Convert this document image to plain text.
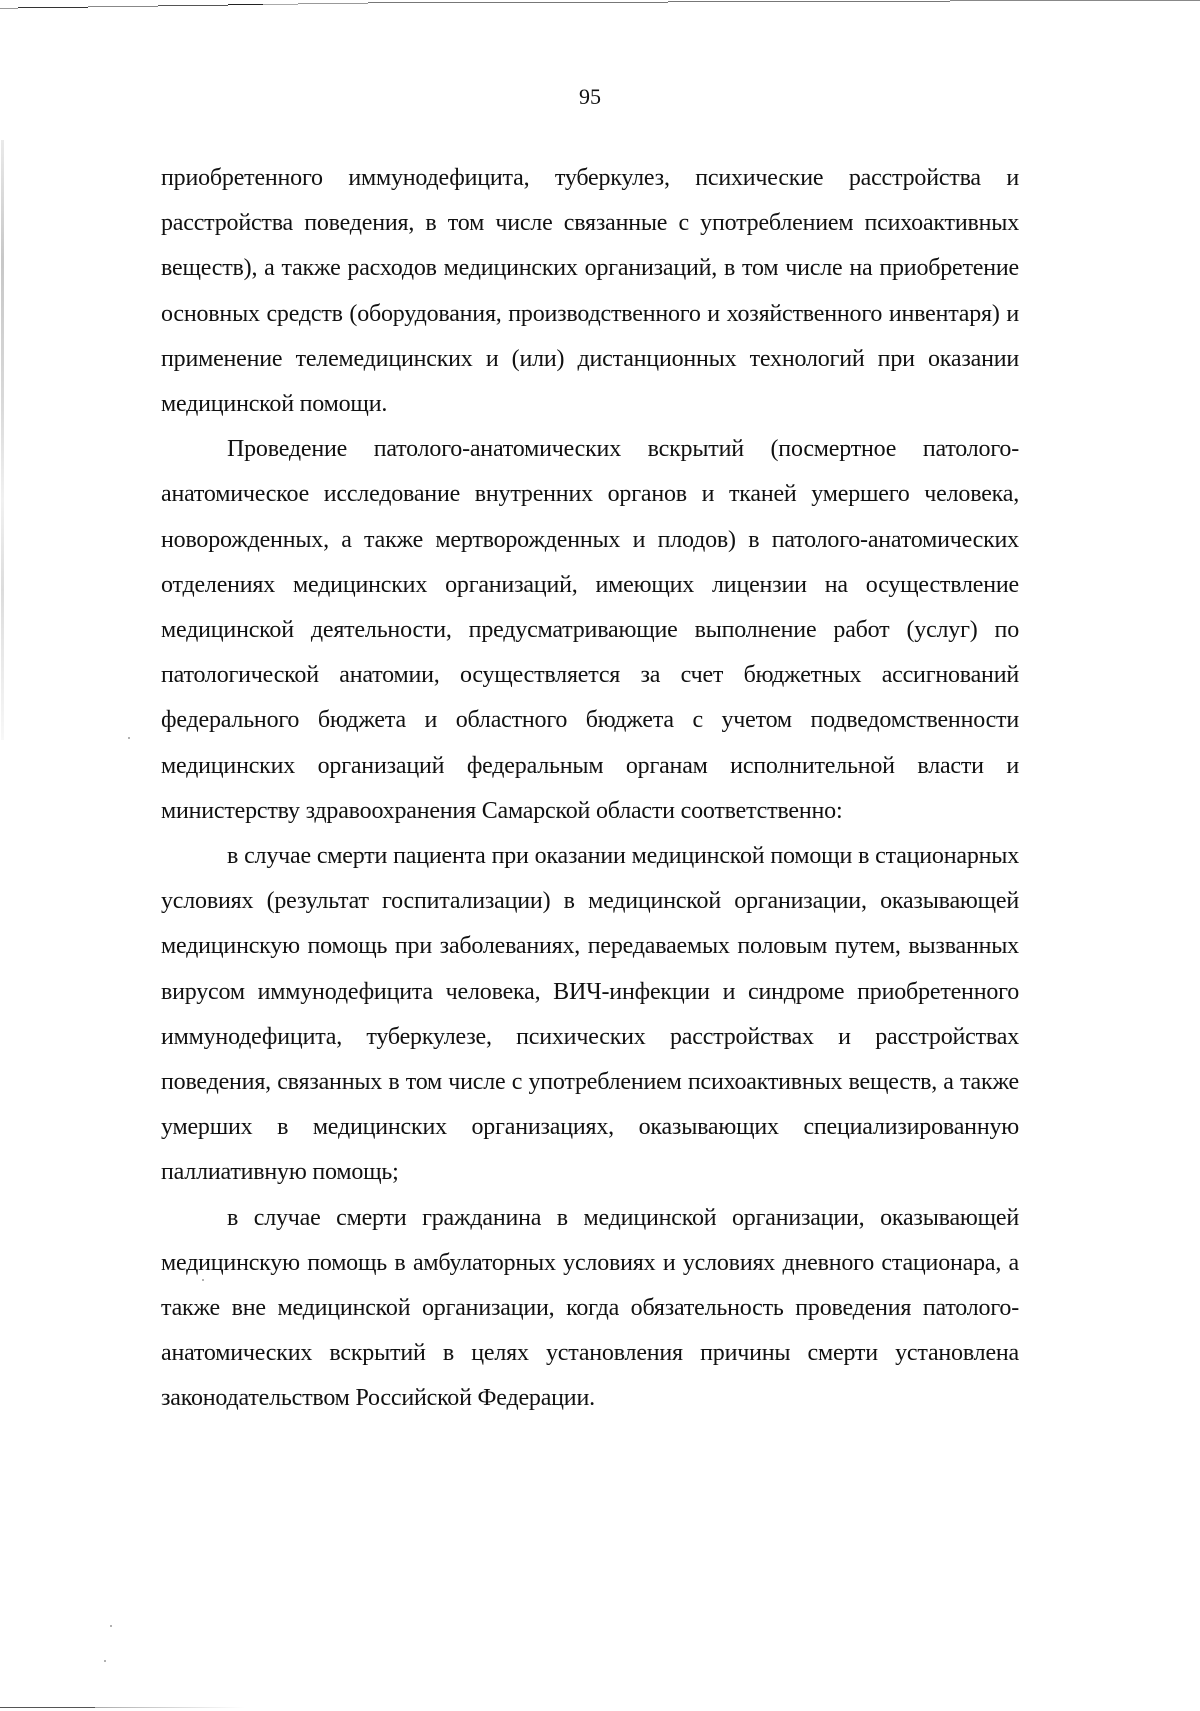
95

приобретенного иммунодефицита, туберкулез, психические расстройства и расстройства поведения, в том числе связанные с употреблением психоактивных веществ), а также расходов медицинских организаций, в том числе на приобретение основных средств (оборудования, производственного и хозяйственного инвентаря) и применение телемедицинских и (или) дистанционных технологий при оказании медицинской помощи.

Проведение патолого-анатомических вскрытий (посмертное патолого-анатомическое исследование внутренних органов и тканей умершего человека, новорожденных, а также мертворожденных и плодов) в патолого-анатомических отделениях медицинских организаций, имеющих лицензии на осуществление медицинской деятельности, предусматривающие выполнение работ (услуг) по патологической анатомии, осуществляется за счет бюджетных ассигнований федерального бюджета и областного бюджета с учетом подведомственности медицинских организаций федеральным органам исполнительной власти и министерству здравоохранения Самарской области соответственно:

в случае смерти пациента при оказании медицинской помощи в стационарных условиях (результат госпитализации) в медицинской организации, оказывающей медицинскую помощь при заболеваниях, передаваемых половым путем, вызванных вирусом иммунодефицита человека, ВИЧ-инфекции и синдроме приобретенного иммунодефицита, туберкулезе, психических расстройствах и расстройствах поведения, связанных в том числе с употреблением психоактивных веществ, а также умерших в медицинских организациях, оказывающих специализированную паллиативную помощь;

в случае смерти гражданина в медицинской организации, оказывающей медицинскую помощь в амбулаторных условиях и условиях дневного стационара, а также вне медицинской организации, когда обязательность проведения патолого-анатомических вскрытий в целях установления причины смерти установлена законодательством Российской Федерации.
